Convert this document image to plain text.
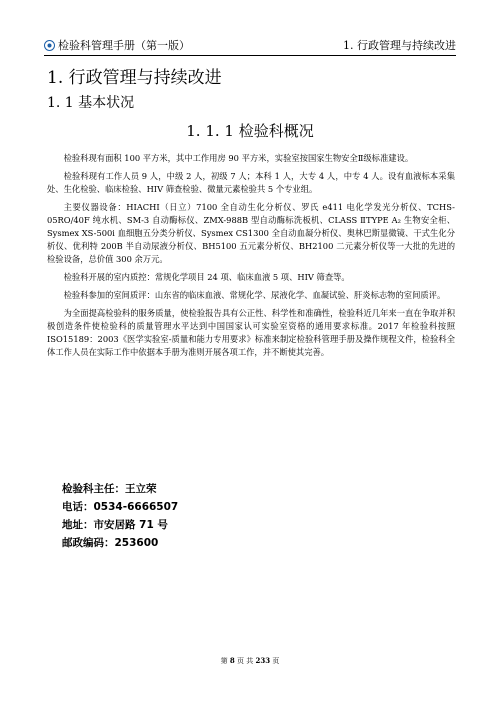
检验科管理手册（第一版）	1. 行政管理与持续改进
1. 行政管理与持续改进
1. 1 基本状况
1. 1. 1 检验科概况

检验科现有面积 100 平方米，其中工作用房 90 平方米，实验室按国家生物安全Ⅱ级标准建设。

检验科现有工作人员 9 人，中级 2 人，初级 7 人；本科 1 人，大专 4 人，中专 4 人。设有血液标本采集处、生化检验、临床检验、HIV 筛查检验、微量元素检验共 5 个专业组。

主要仪器设备：HIACHI（日立）7100 全自动生化分析仪、罗氏 e411 电化学发光分析仪、TCHS-05RO/40F 纯水机、SM-3 自动酶标仪、ZMX-988B 型自动酶标洗板机、CLASS ⅡTYPE A₂ 生物安全柜、Sysmex XS-500i 血细胞五分类分析仪、Sysmex CS1300 全自动血凝分析仪、奥林巴斯显微镜、干式生化分析仪、优利特 200B 半自动尿液分析仪、BH5100 五元素分析仪、BH2100 二元素分析仪等一大批的先进的检验设备，总价值 300 余万元。

检验科开展的室内质控：常规化学项目 24 项、临床血液 5 项、HIV 筛查等。

检验科参加的室间质评：山东省的临床血液、常规化学、尿液化学、血凝试验、肝炎标志物的室间质评。

为全面提高检验科的服务质量，使检验报告具有公正性、科学性和准确性，检验科近几年来一直在争取并积极创造条件使检验科的质量管理水平达到中国国家认可实验室资格的通用要求标准。2017 年检验科按照 ISO15189：2003《医学实验室-质量和能力专用要求》标准来制定检验科管理手册及操作规程文件，检验科全体工作人员在实际工作中依据本手册为准则开展各项工作，并不断使其完善。

检验科主任：王立荣
电话：0534-6666507
地址：市安居路 71 号
邮政编码：253600
第 8 页 共 233 页
